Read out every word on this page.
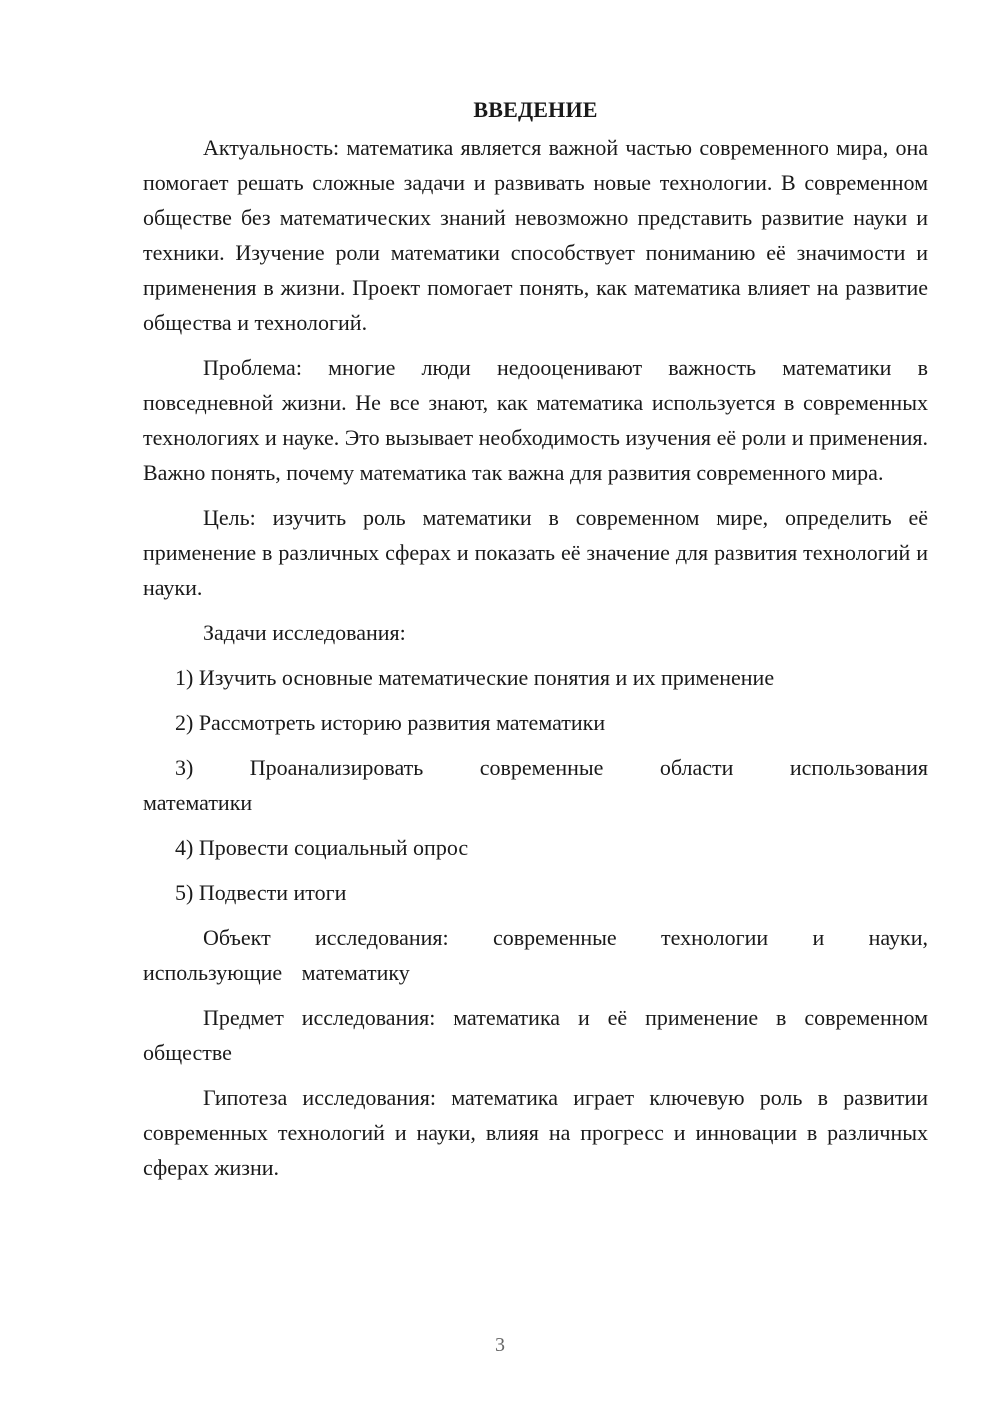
ВВЕДЕНИЕ

Актуальность: математика является важной частью современного мира, она помогает решать сложные задачи и развивать новые технологии. В современном обществе без математических знаний невозможно представить развитие науки и техники. Изучение роли математики способствует пониманию её значимости и применения в жизни. Проект помогает понять, как математика влияет на развитие общества и технологий.

Проблема: многие люди недооценивают важность математики в повседневной жизни. Не все знают, как математика используется в современных технологиях и науке. Это вызывает необходимость изучения её роли и применения. Важно понять, почему математика так важна для развития современного мира.

Цель: изучить роль математики в современном мире, определить её применение в различных сферах и показать её значение для развития технологий и науки.

Задачи исследования:

1) Изучить основные математические понятия и их применение

2) Рассмотреть историю развития математики

3) Проанализировать современные области использования математики

4) Провести социальный опрос

5) Подвести итоги

Объект исследования: современные технологии и науки, использующие математику

Предмет исследования: математика и её применение в современном обществе

Гипотеза исследования: математика играет ключевую роль в развитии современных технологий и науки, влияя на прогресс и инновации в различных сферах жизни.

3
